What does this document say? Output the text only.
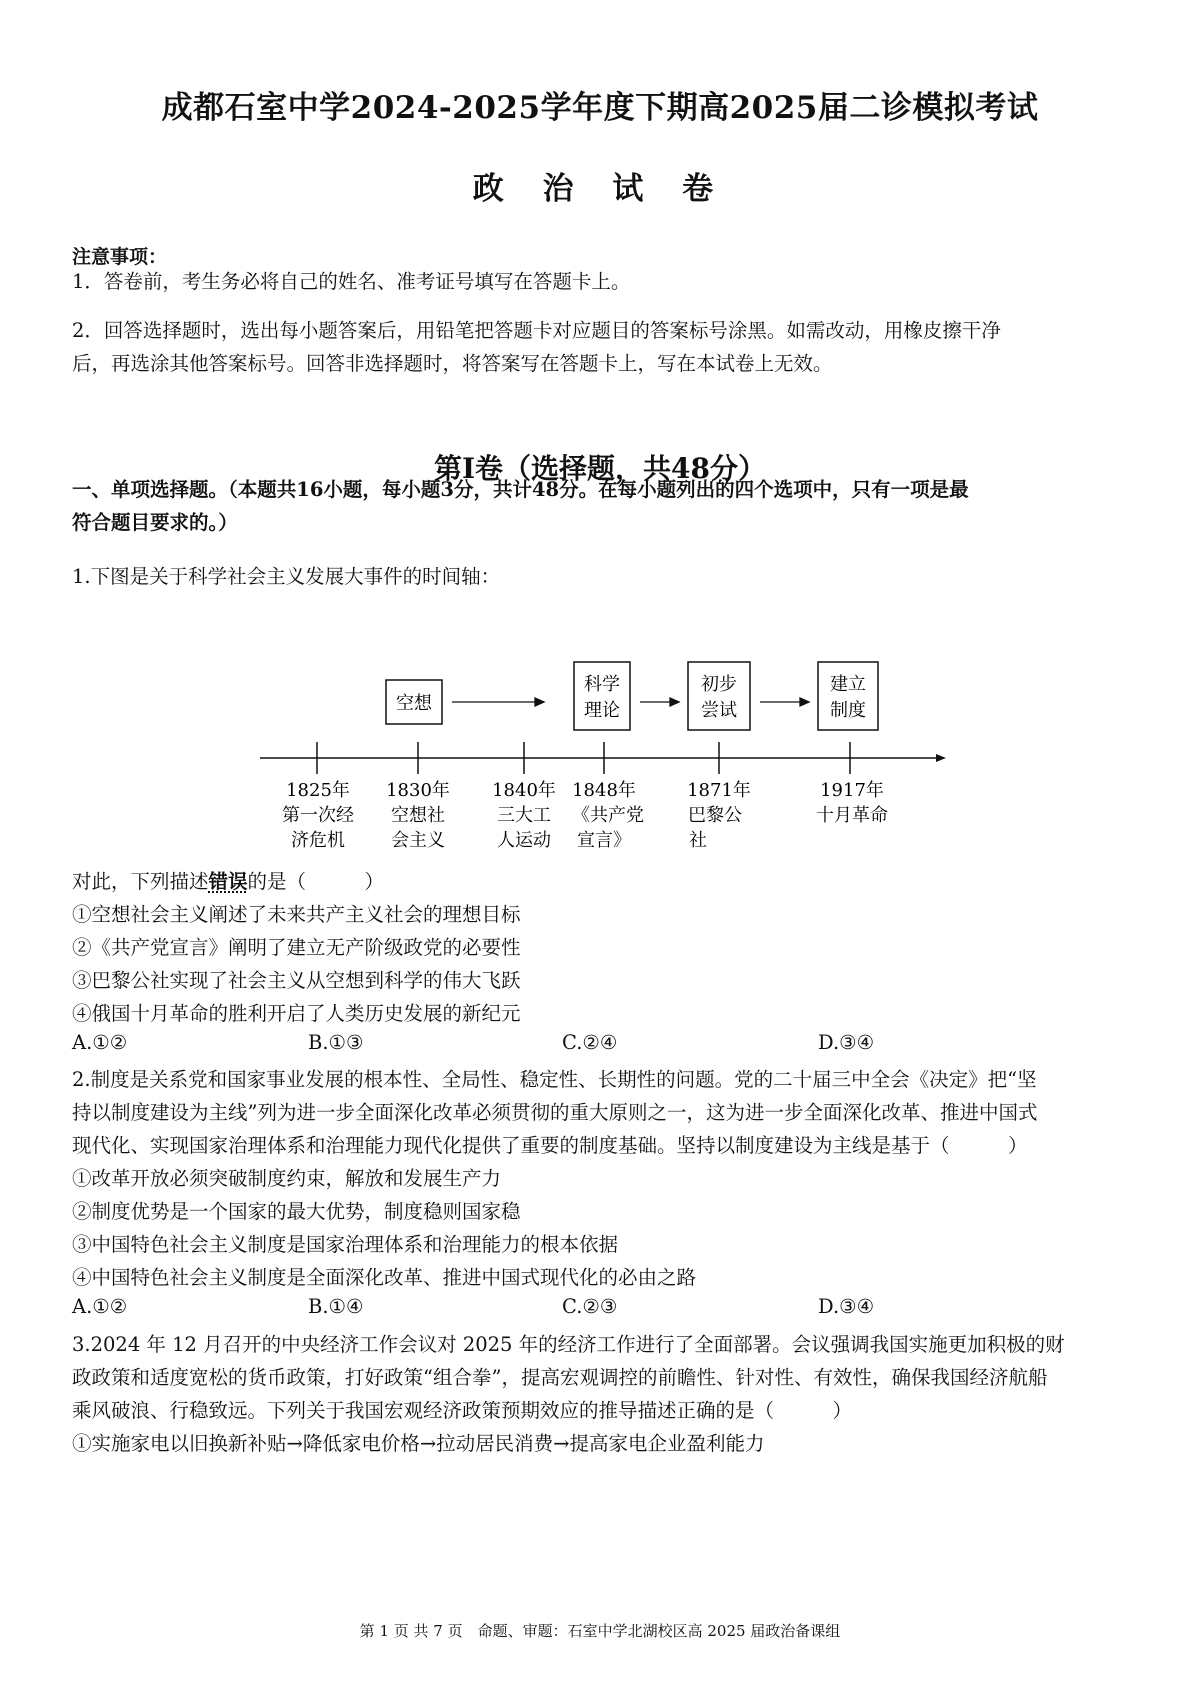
成都石室中学2024-2025学年度下期高2025届二诊模拟考试
政 治 试 卷
注意事项：
1．答卷前，考生务必将自己的姓名、准考证号填写在答题卡上。
2．回答选择题时，选出每小题答案后，用铅笔把答题卡对应题目的答案标号涂黑。如需改动，用橡皮擦干净
后，再选涂其他答案标号。回答非选择题时，将答案写在答题卡上，写在本试卷上无效。
第Ⅰ卷（选择题，共48分）
一、单项选择题。（本题共16小题，每小题3分，共计48分。在每小题列出的四个选项中，只有一项是最
符合题目要求的。）
1.下图是关于科学社会主义发展大事件的时间轴：
空想
科学
理论
初步
尝试
建立
制度
1825年
第一次经
济危机
1830年
空想社
会主义
1840年
三大工
人运动
1848年
《共产党
宣言》
1871年
巴黎公
社
1917年
十月革命
对此，下列描述错误的是（　　　）
①空想社会主义阐述了未来共产主义社会的理想目标
②《共产党宣言》阐明了建立无产阶级政党的必要性
③巴黎公社实现了社会主义从空想到科学的伟大飞跃
④俄国十月革命的胜利开启了人类历史发展的新纪元
A.①②	B.①③	C.②④	D.③④
2.制度是关系党和国家事业发展的根本性、全局性、稳定性、长期性的问题。党的二十届三中全会《决定》把“坚
持以制度建设为主线”列为进一步全面深化改革必须贯彻的重大原则之一，这为进一步全面深化改革、推进中国式
现代化、实现国家治理体系和治理能力现代化提供了重要的制度基础。坚持以制度建设为主线是基于（　　　）
①改革开放必须突破制度约束，解放和发展生产力
②制度优势是一个国家的最大优势，制度稳则国家稳
③中国特色社会主义制度是国家治理体系和治理能力的根本依据
④中国特色社会主义制度是全面深化改革、推进中国式现代化的必由之路
A.①②	B.①④	C.②③	D.③④
3.2024 年 12 月召开的中央经济工作会议对 2025 年的经济工作进行了全面部署。会议强调我国实施更加积极的财
政政策和适度宽松的货币政策，打好政策“组合拳”，提高宏观调控的前瞻性、针对性、有效性，确保我国经济航船
乘风破浪、行稳致远。下列关于我国宏观经济政策预期效应的推导描述正确的是（　　　）
①实施家电以旧换新补贴→降低家电价格→拉动居民消费→提高家电企业盈利能力
第 1 页 共 7 页　命题、审题：石室中学北湖校区高 2025 届政治备课组
